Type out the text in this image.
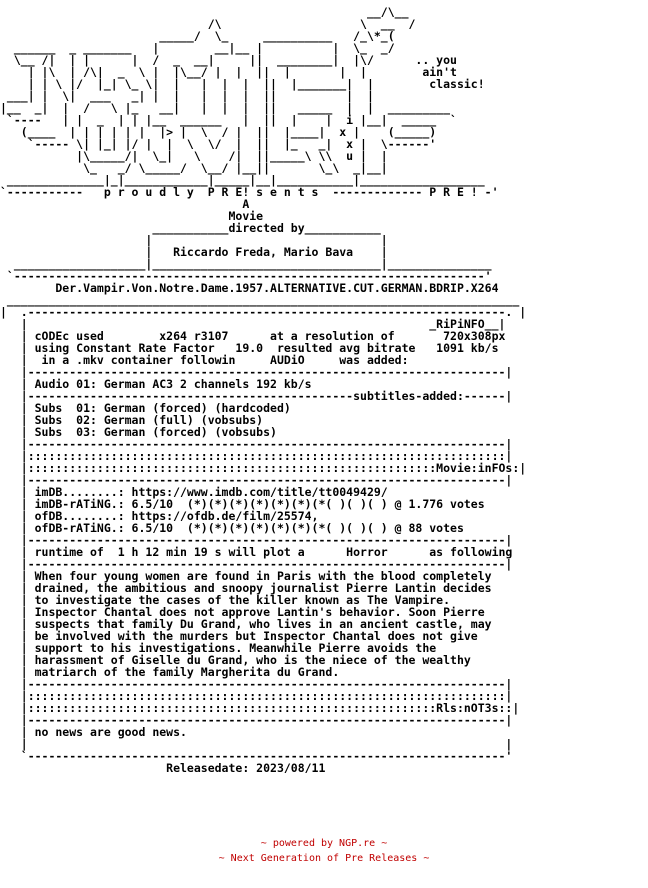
__/\__
/\                    \  __  /
_____/  \_     __________   /_\*_(
______  _ _______   |        __|__ |          |  \_  _/
\__ /|  | |      |  /  _  __|     ||  ________|  |\/      .. you
| |\  | /\|  _  \ |  |\__/ |  |  ||  |       |  |        ain't
| | \ |/  |_| \_ \|  |   |  |  |  ||  |_______|  |        classic!
___| |  \|  ___   _| |  |   |  |  |  ||          |  |
|__  _|  |  /   \ |_   __|   |  |  |  ||   _____  |  |  _________
`----   | |  _  | | |__  ______   |  ||  |    |  i |__|  _____  `
(____  | | | | | |  |> |  \  / |  ||  |____|  x |    (_____)
`----- \| |_| |/ |  |  \  \/  |  ||  |_   _|  x |  \------'
|\_____/|  \_|   \    /|  ||_____\ \\  u |  |
\_   _/ \_____/  \__/ |__||       \_\  _|__|
______________|_|____________|_____|__|___________|__________________
`-----------   p r o u d l y  P R E! s e n t s  ------------- P R E ! -'
A
Movie
___________directed by___________
|                                 |
|   Riccardo Freda, Mario Bava    |
___________________|_________________________________|_______________
`--------------------------------------------------------------------'
Der.Vampir.Von.Notre.Dame.1957.ALTERNATIVE.CUT.GERMAN.BDRIP.X264
__________________________________________________________________________
|  .---------------------------------------------------------------------. |
|                                                          _RiPiNFO__|
| cODEc used        x264 r3107      at a resolution of       720x308px
| using Constant Rate Factor   19.0  resulted avg bitrate   1091 kb/s
|  in a .mkv container followin     AUDiO     was added:
|---------------------------------------------------------------------|
| Audio 01: German AC3 2 channels 192 kb/s
|-----------------------------------------------subtitles-added:------|
| Subs  01: German (forced) (hardcoded)
| Subs  02: German (full) (vobsubs)
| Subs  03: German (forced) (vobsubs)
|---------------------------------------------------------------------|
|:::::::::::::::::::::::::::::::::::::::::::::::::::::::::::::::::::::|
|:::::::::::::::::::::::::::::::::::::::::::::::::::::::::::Movie:inFOs:|
|---------------------------------------------------------------------|
| imDB........: https://www.imdb.com/title/tt0049429/
| imDB-rATiNG.: 6.5/10  (*)(*)(*)(*)(*)(*)(*( )( )( ) @ 1.776 votes
| ofDB........: https://ofdb.de/film/25574,
| ofDB-rATiNG.: 6.5/10  (*)(*)(*)(*)(*)(*)(*( )( )( ) @ 88 votes
|---------------------------------------------------------------------|
| runtime of  1 h 12 min 19 s will plot a      Horror      as following
|---------------------------------------------------------------------|
| When four young women are found in Paris with the blood completely
| drained, the ambitious and snoopy journalist Pierre Lantin decides
| to investigate the cases of the killer known as The Vampire.
| Inspector Chantal does not approve Lantin's behavior. Soon Pierre
| suspects that family Du Grand, who lives in an ancient castle, may
| be involved with the murders but Inspector Chantal does not give
| support to his investigations. Meanwhile Pierre avoids the
| harassment of Giselle du Grand, who is the niece of the wealthy
| matriarch of the family Margherita du Grand.
|---------------------------------------------------------------------|
|:::::::::::::::::::::::::::::::::::::::::::::::::::::::::::::::::::::|
|:::::::::::::::::::::::::::::::::::::::::::::::::::::::::::Rls:nOT3s::|
|---------------------------------------------------------------------|
| no news are good news.
|                                                                     |
`---------------------------------------------------------------------'
Releasedate: 2023/08/11
~ powered by NGP.re ~
~ Next Generation of Pre Releases ~
